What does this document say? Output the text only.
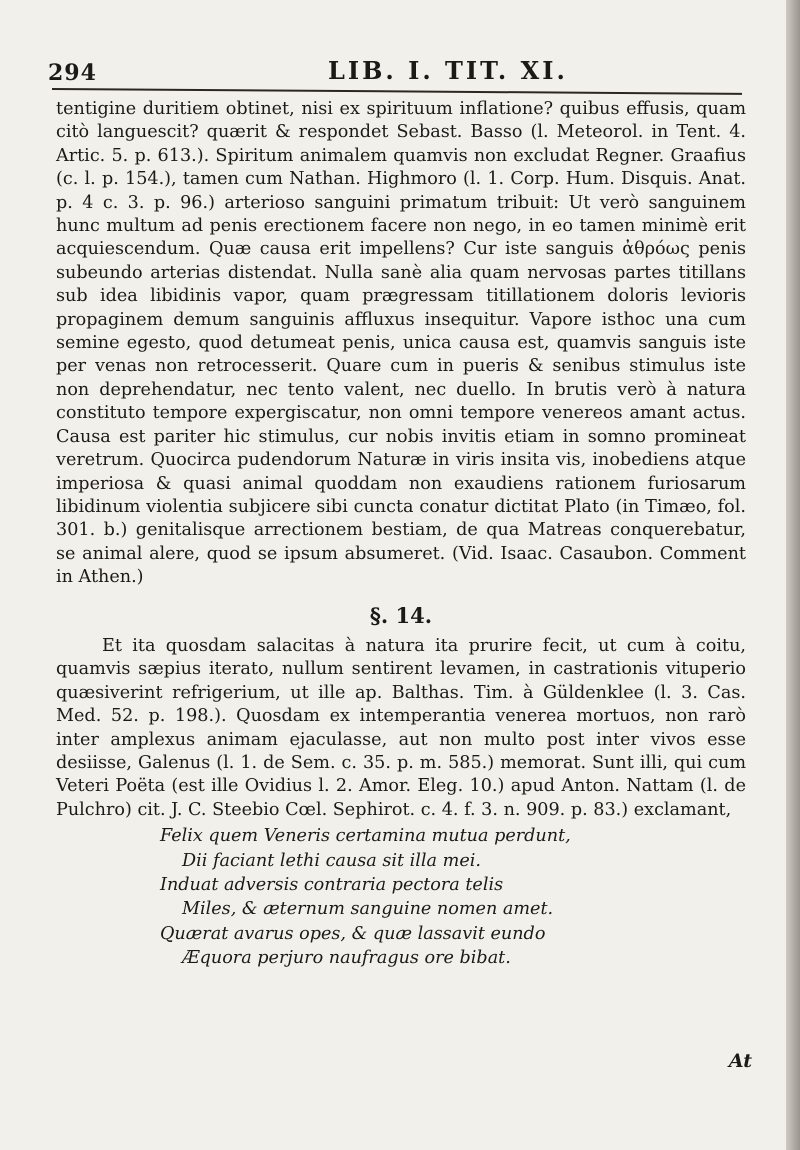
294	LIB. I. TIT. XI.

tentigine duritiem obtinet, nisi ex spirituum inflatione? quibus effusis, quam citò languescit? quærit & respondet Sebast. Basso (l. Meteorol. in Tent. 4. Artic. 5. p. 613.). Spiritum animalem quamvis non excludat Regner. Graafius (c. l. p. 154.), tamen cum Nathan. Highmoro (l. 1. Corp. Hum. Disquis. Anat. p. 4 c. 3. p. 96.) arterioso sanguini primatum tribuit: Ut verò sanguinem hunc multum ad penis erectionem facere non nego, in eo tamen minimè erit acquiescendum. Quæ causa erit impellens? Cur iste sanguis ἀθρόως penis subeundo arterias distendat. Nulla sanè alia quam nervosas partes titillans sub idea libidinis vapor, quam prægressam titillationem doloris levioris propaginem demum sanguinis affluxus insequitur. Vapore isthoc una cum semine egesto, quod detumeat penis, unica causa est, quamvis sanguis iste per venas non retrocesserit. Quare cum in pueris & senibus stimulus iste non deprehendatur, nec tento valent, nec duello. In brutis verò à natura constituto tempore expergiscatur, non omni tempore venereos amant actus. Causa est pariter hic stimulus, cur nobis invitis etiam in somno promineat veretrum. Quocirca pudendorum Naturæ in viris insita vis, inobediens atque imperiosa & quasi animal quoddam non exaudiens rationem furiosarum libidinum violentia subjicere sibi cuncta conatur dictitat Plato (in Timæo, fol. 301. b.) genitalisque arrectionem bestiam, de qua Matreas conquerebatur, se animal alere, quod se ipsum absumeret. (Vid. Isaac. Casaubon. Comment in Athen.)

§. 14.

Et ita quosdam salacitas à natura ita prurire fecit, ut cum à coitu, quamvis sæpius iterato, nullum sentirent levamen, in castrationis vituperio quæsiverint refrigerium, ut ille ap. Balthas. Tim. à Güldenklee (l. 3. Cas. Med. 52. p. 198.). Quosdam ex intemperantia venerea mortuos, non rarò inter amplexus animam ejaculasse, aut non multo post inter vivos esse desiisse, Galenus (l. 1. de Sem. c. 35. p. m. 585.) memorat. Sunt illi, qui cum Veteri Poëta (est ille Ovidius l. 2. Amor. Eleg. 10.) apud Anton. Nattam (l. de Pulchro) cit. J. C. Steebio Cœl. Sephirot. c. 4. f. 3. n. 909. p. 83.) exclamant,

Felix quem Veneris certamina mutua perdunt,
Dii faciant lethi causa sit illa mei.
Induat adversis contraria pectora telis
Miles, & æternum sanguine nomen amet.
Quærat avarus opes, & quæ lassavit eundo
Æquora perjuro naufragus ore bibat.
At
